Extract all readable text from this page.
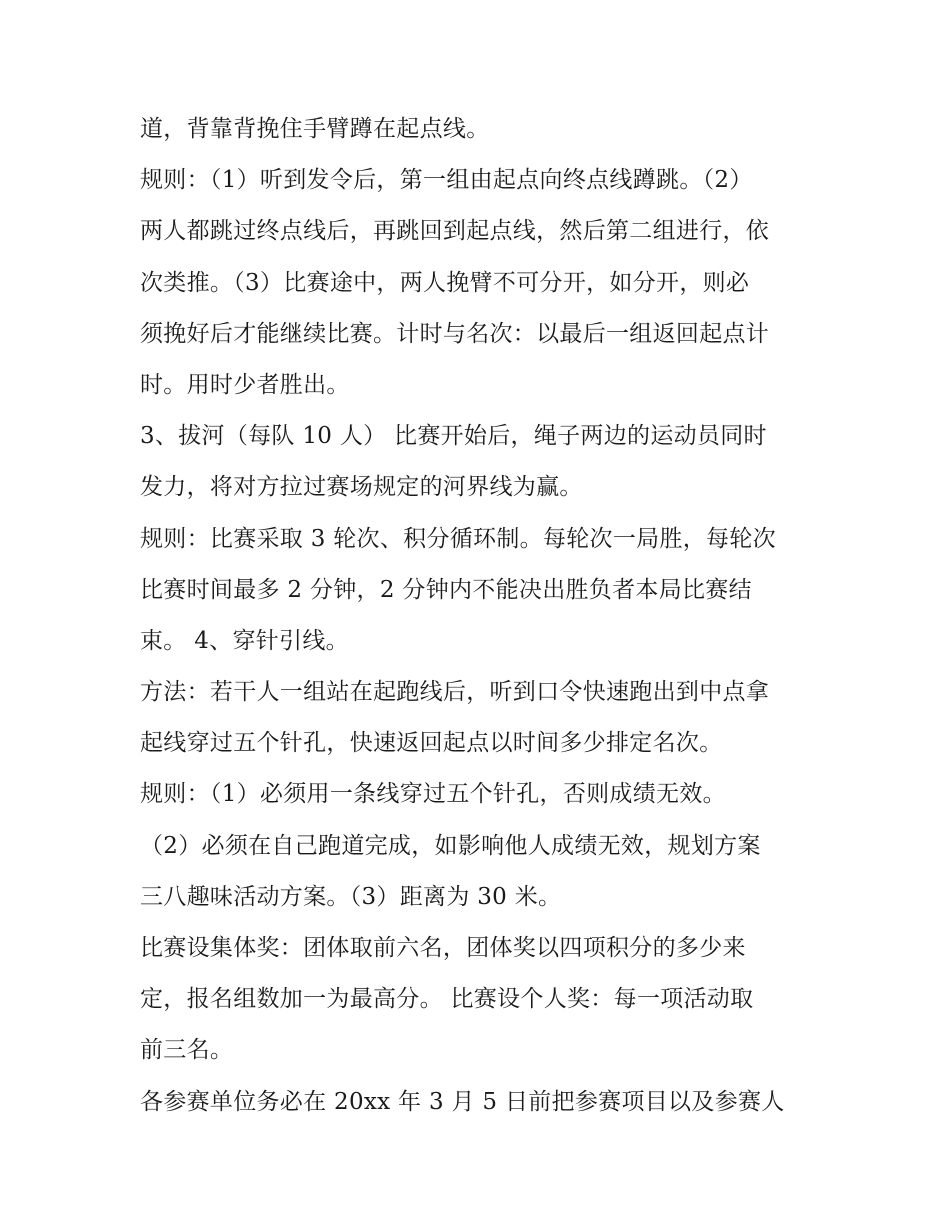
道，背靠背挽住手臂蹲在起点线。
规则：（1）听到发令后，第一组由起点向终点线蹲跳。（2）
两人都跳过终点线后，再跳回到起点线，然后第二组进行，依
次类推。（3）比赛途中，两人挽臂不可分开，如分开，则必
须挽好后才能继续比赛。计时与名次：以最后一组返回起点计
时。用时少者胜出。
3、拔河（每队 10 人） 比赛开始后，绳子两边的运动员同时
发力，将对方拉过赛场规定的河界线为赢。
规则：比赛采取 3 轮次、积分循环制。每轮次一局胜，每轮次
比赛时间最多 2 分钟，2 分钟内不能决出胜负者本局比赛结
束。 4、穿针引线。
方法：若干人一组站在起跑线后，听到口令快速跑出到中点拿
起线穿过五个针孔，快速返回起点以时间多少排定名次。
规则：（1）必须用一条线穿过五个针孔，否则成绩无效。
（2）必须在自己跑道完成，如影响他人成绩无效，规划方案
三八趣味活动方案。（3）距离为 30 米。
比赛设集体奖：团体取前六名，团体奖以四项积分的多少来
定，报名组数加一为最高分。 比赛设个人奖：每一项活动取
前三名。
各参赛单位务必在 20xx 年 3 月 5 日前把参赛项目以及参赛人
